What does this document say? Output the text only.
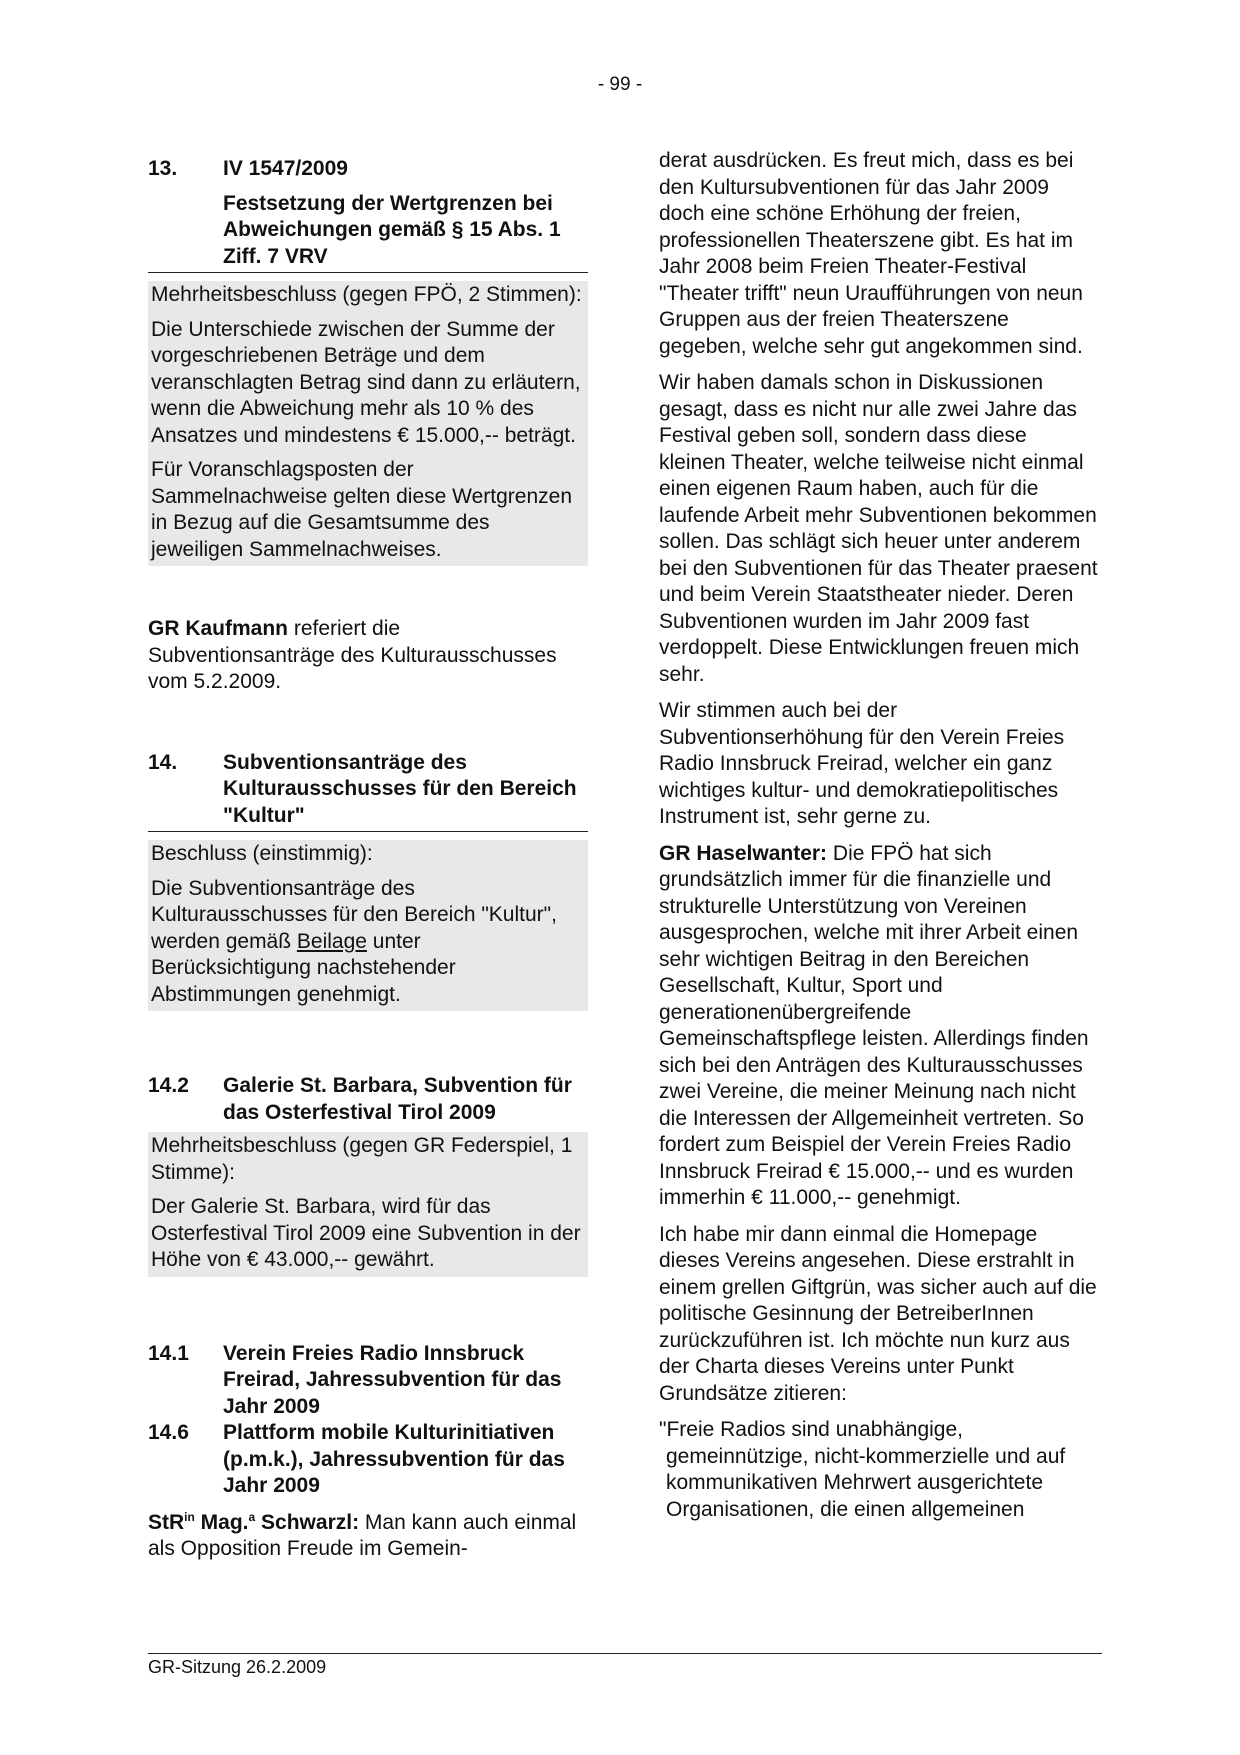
- 99 -
13.	IV 1547/2009
Festsetzung der Wertgrenzen bei Abweichungen gemäß § 15 Abs. 1 Ziff. 7 VRV

Mehrheitsbeschluss (gegen FPÖ, 2 Stimmen):

Die Unterschiede zwischen der Summe der vorgeschriebenen Beträge und dem veranschlagten Betrag sind dann zu erläutern, wenn die Abweichung mehr als 10 % des Ansatzes und mindestens € 15.000,-- beträgt.

Für Voranschlagsposten der Sammelnachweise gelten diese Wertgrenzen in Bezug auf die Gesamtsumme des jeweiligen Sammelnachweises.

GR Kaufmann referiert die Subventionsanträge des Kulturausschusses vom 5.2.2009.

14.	Subventionsanträge des Kulturausschusses für den Bereich "Kultur"

Beschluss (einstimmig):

Die Subventionsanträge des Kulturausschusses für den Bereich "Kultur", werden gemäß Beilage unter Berücksichtigung nachstehender Abstimmungen genehmigt.

14.2	Galerie St. Barbara, Subvention für das Osterfestival Tirol 2009

Mehrheitsbeschluss (gegen GR Federspiel, 1 Stimme):

Der Galerie St. Barbara, wird für das Osterfestival Tirol 2009 eine Subvention in der Höhe von € 43.000,-- gewährt.

14.1	Verein Freies Radio Innsbruck Freirad, Jahressubvention für das Jahr 2009
14.6	Plattform mobile Kulturinitiativen (p.m.k.), Jahressubvention für das Jahr 2009

StR$^{in}$ Mag.$^a$ Schwarzl: Man kann auch einmal als Opposition Freude im Gemein-

derat ausdrücken. Es freut mich, dass es bei den Kultursubventionen für das Jahr 2009 doch eine schöne Erhöhung der freien, professionellen Theaterszene gibt. Es hat im Jahr 2008 beim Freien Theater-Festival "Theater trifft" neun Uraufführungen von neun Gruppen aus der freien Theaterszene gegeben, welche sehr gut angekommen sind.

Wir haben damals schon in Diskussionen gesagt, dass es nicht nur alle zwei Jahre das Festival geben soll, sondern dass diese kleinen Theater, welche teilweise nicht einmal einen eigenen Raum haben, auch für die laufende Arbeit mehr Subventionen bekommen sollen. Das schlägt sich heuer unter anderem bei den Subventionen für das Theater praesent und beim Verein Staatstheater nieder. Deren Subventionen wurden im Jahr 2009 fast verdoppelt. Diese Entwicklungen freuen mich sehr.

Wir stimmen auch bei der Subventionserhöhung für den Verein Freies Radio Innsbruck Freirad, welcher ein ganz wichtiges kultur- und demokratiepolitisches Instrument ist, sehr gerne zu.

GR Haselwanter: Die FPÖ hat sich grundsätzlich immer für die finanzielle und strukturelle Unterstützung von Vereinen ausgesprochen, welche mit ihrer Arbeit einen sehr wichtigen Beitrag in den Bereichen Gesellschaft, Kultur, Sport und generationenübergreifende Gemeinschaftspflege leisten. Allerdings finden sich bei den Anträgen des Kulturausschusses zwei Vereine, die meiner Meinung nach nicht die Interessen der Allgemeinheit vertreten. So fordert zum Beispiel der Verein Freies Radio Innsbruck Freirad € 15.000,-- und es wurden immerhin € 11.000,-- genehmigt.

Ich habe mir dann einmal die Homepage dieses Vereins angesehen. Diese erstrahlt in einem grellen Giftgrün, was sicher auch auf die politische Gesinnung der BetreiberInnen zurückzuführen ist. Ich möchte nun kurz aus der Charta dieses Vereins unter Punkt Grundsätze zitieren:

"Freie Radios sind unabhängige, gemeinnützige, nicht-kommerzielle und auf kommunikativen Mehrwert ausgerichtete Organisationen, die einen allgemeinen

GR-Sitzung 26.2.2009
